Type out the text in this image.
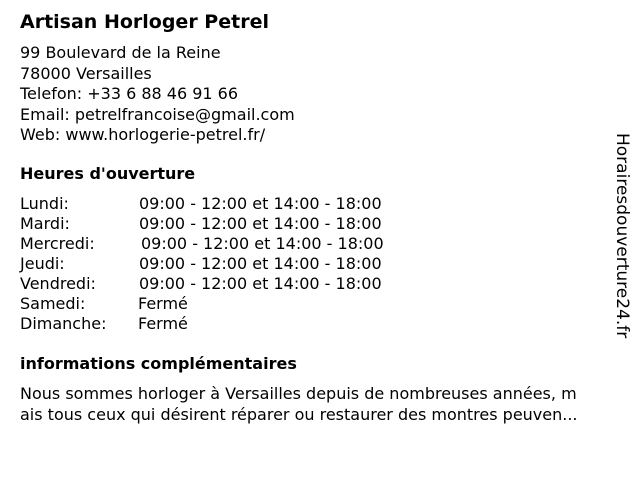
Artisan Horloger Petrel
99 Boulevard de la Reine
78000 Versailles
Telefon: +33 6 88 46 91 66
Email: petrelfrancoise@gmail.com
Web: www.horlogerie-petrel.fr/
Heures d'ouverture
Lundi:	09:00 - 12:00 et 14:00 - 18:00
Mardi:	09:00 - 12:00 et 14:00 - 18:00
Mercredi:	09:00 - 12:00 et 14:00 - 18:00
Jeudi:	09:00 - 12:00 et 14:00 - 18:00
Vendredi:	09:00 - 12:00 et 14:00 - 18:00
Samedi:	Fermé
Dimanche: Fermé
informations complémentaires
Nous sommes horloger à Versailles depuis de nombreuses années, m
ais tous ceux qui désirent réparer ou restaurer des montres peuven...
Horairesdouverture24.fr
